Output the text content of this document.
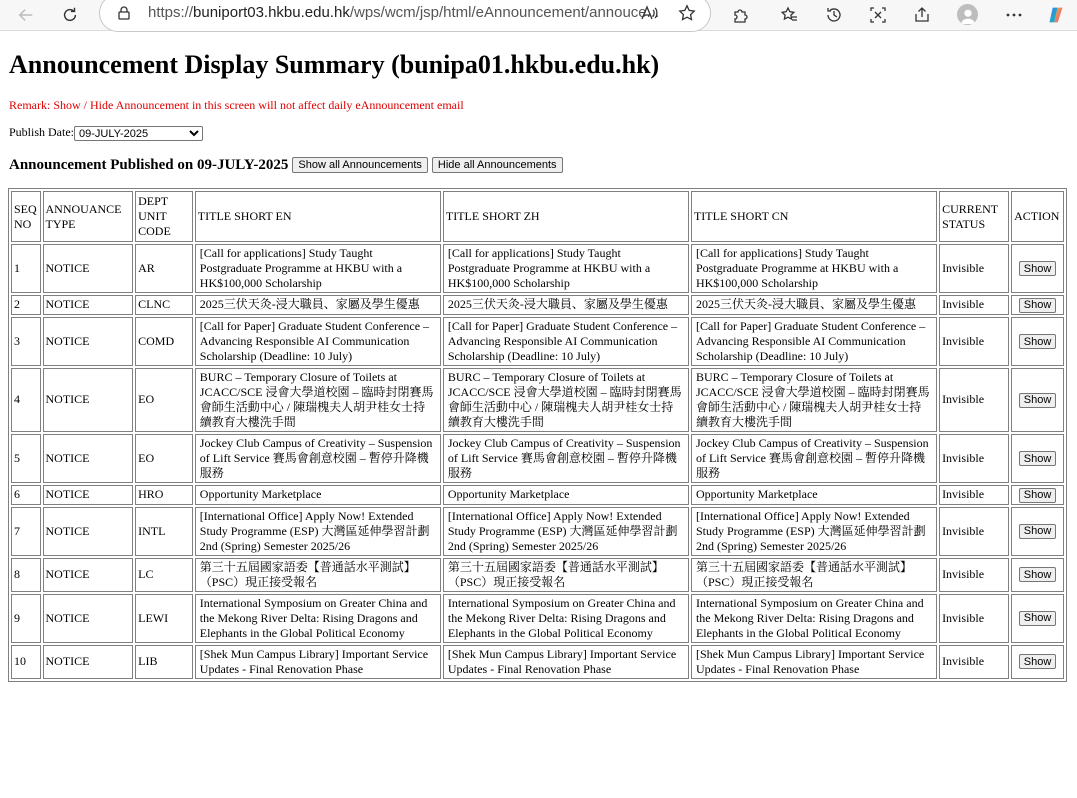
https://buniport03.hkbu.edu.hk/wps/wcm/jsp/html/eAnnouncement/annouce...
Announcement Display Summary (bunipa01.hkbu.edu.hk)
Remark: Show / Hide Announcement in this screen will not affect daily eAnnouncement email
Publish Date:
09-JULY-2025
Announcement Published on 09-JULY-2025 Show all Announcements Hide all Announcements
SEQ NO	ANNOUANCE TYPE	DEPT UNIT CODE	TITLE SHORT EN	TITLE SHORT ZH	TITLE SHORT CN	CURRENT STATUS	ACTION
1	NOTICE	AR	[Call for applications] Study Taught Postgraduate Programme at HKBU with a HK$100,000 Scholarship	[Call for applications] Study Taught Postgraduate Programme at HKBU with a HK$100,000 Scholarship	[Call for applications] Study Taught Postgraduate Programme at HKBU with a HK$100,000 Scholarship	Invisible	Show
2	NOTICE	CLNC	2025三伏天灸-浸大職員、家屬及學生優惠	2025三伏天灸-浸大職員、家屬及學生優惠	2025三伏天灸-浸大職員、家屬及學生優惠	Invisible	Show
3	NOTICE	COMD	[Call for Paper] Graduate Student Conference – Advancing Responsible AI Communication Scholarship (Deadline: 10 July)	[Call for Paper] Graduate Student Conference – Advancing Responsible AI Communication Scholarship (Deadline: 10 July)	[Call for Paper] Graduate Student Conference – Advancing Responsible AI Communication Scholarship (Deadline: 10 July)	Invisible	Show
4	NOTICE	EO	BURC – Temporary Closure of Toilets at JCACC/SCE 浸會大學道校園 – 臨時封閉賽馬會師生活動中心 / 陳瑞槐夫人胡尹桂女士持續教育大樓洗手間	BURC – Temporary Closure of Toilets at JCACC/SCE 浸會大學道校園 – 臨時封閉賽馬會師生活動中心 / 陳瑞槐夫人胡尹桂女士持續教育大樓洗手間	BURC – Temporary Closure of Toilets at JCACC/SCE 浸會大學道校園 – 臨時封閉賽馬會師生活動中心 / 陳瑞槐夫人胡尹桂女士持續教育大樓洗手間	Invisible	Show
5	NOTICE	EO	Jockey Club Campus of Creativity – Suspension of Lift Service 賽馬會創意校園 – 暫停升降機服務	Jockey Club Campus of Creativity – Suspension of Lift Service 賽馬會創意校園 – 暫停升降機服務	Jockey Club Campus of Creativity – Suspension of Lift Service 賽馬會創意校園 – 暫停升降機服務	Invisible	Show
6	NOTICE	HRO	Opportunity Marketplace	Opportunity Marketplace	Opportunity Marketplace	Invisible	Show
7	NOTICE	INTL	[International Office] Apply Now! Extended Study Programme (ESP) 大灣區延伸學習計劃 2nd (Spring) Semester 2025/26	[International Office] Apply Now! Extended Study Programme (ESP) 大灣區延伸學習計劃 2nd (Spring) Semester 2025/26	[International Office] Apply Now! Extended Study Programme (ESP) 大灣區延伸學習計劃 2nd (Spring) Semester 2025/26	Invisible	Show
8	NOTICE	LC	第三十五屆國家語委【普通話水平測試】（PSC）現正接受報名	第三十五屆國家語委【普通話水平測試】（PSC）現正接受報名	第三十五屆國家語委【普通話水平測試】（PSC）現正接受報名	Invisible	Show
9	NOTICE	LEWI	International Symposium on Greater China and the Mekong River Delta: Rising Dragons and Elephants in the Global Political Economy	International Symposium on Greater China and the Mekong River Delta: Rising Dragons and Elephants in the Global Political Economy	International Symposium on Greater China and the Mekong River Delta: Rising Dragons and Elephants in the Global Political Economy	Invisible	Show
10	NOTICE	LIB	[Shek Mun Campus Library] Important Service Updates - Final Renovation Phase	[Shek Mun Campus Library] Important Service Updates - Final Renovation Phase	[Shek Mun Campus Library] Important Service Updates - Final Renovation Phase	Invisible	Show
